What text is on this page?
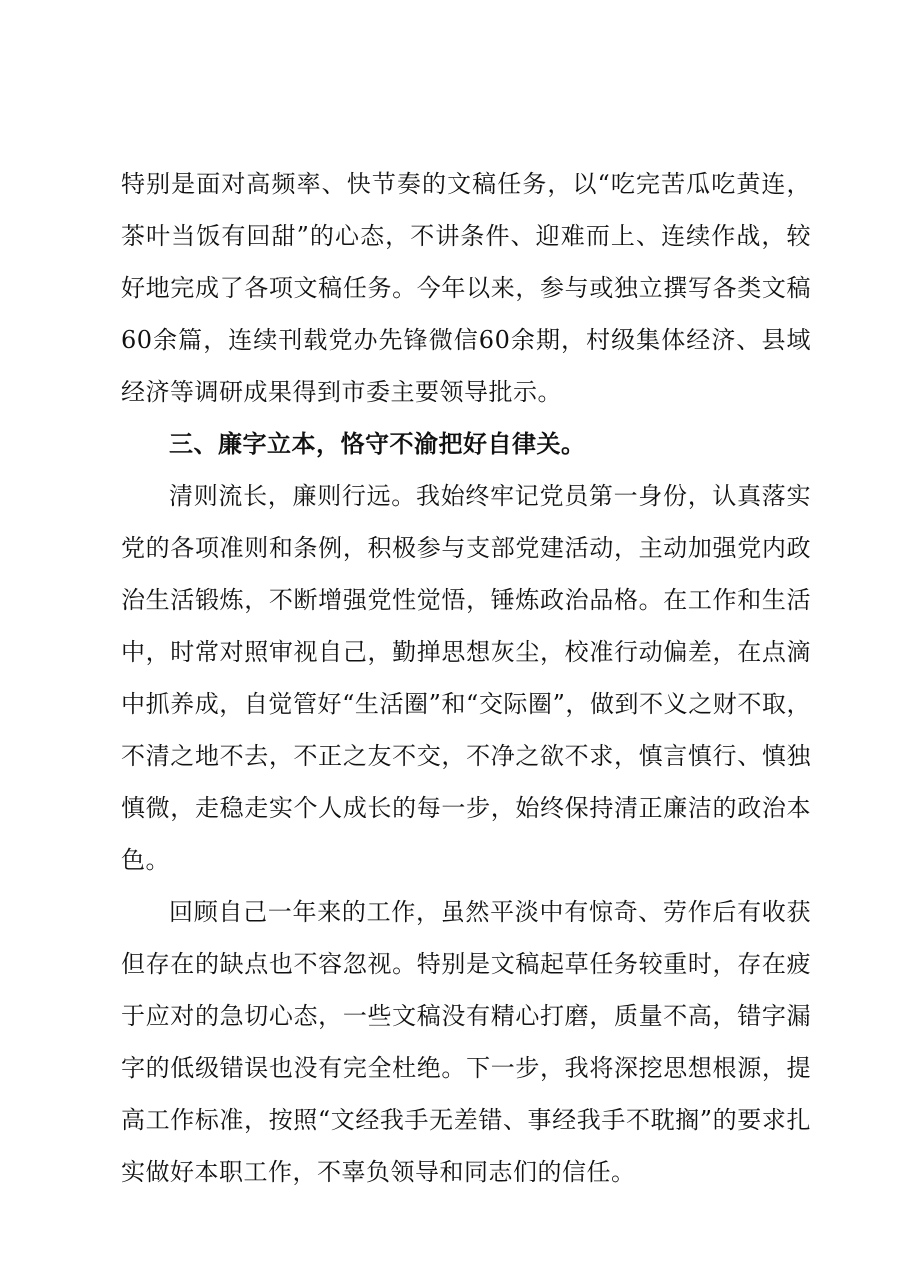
特别是面对高频率、快节奏的文稿任务，以“吃完苦瓜吃黄连，茶叶当饭有回甜”的心态，不讲条件、迎难而上、连续作战，较好地完成了各项文稿任务。今年以来，参与或独立撰写各类文稿60余篇，连续刊载党办先锋微信60余期，村级集体经济、县域经济等调研成果得到市委主要领导批示。

三、廉字立本，恪守不渝把好自律关。

清则流长，廉则行远。我始终牢记党员第一身份，认真落实党的各项准则和条例，积极参与支部党建活动，主动加强党内政治生活锻炼，不断增强党性觉悟，锤炼政治品格。在工作和生活中，时常对照审视自己，勤掸思想灰尘，校准行动偏差，在点滴中抓养成，自觉管好“生活圈”和“交际圈”，做到不义之财不取，不清之地不去，不正之友不交，不净之欲不求，慎言慎行、慎独慎微，走稳走实个人成长的每一步，始终保持清正廉洁的政治本色。

回顾自己一年来的工作，虽然平淡中有惊奇、劳作后有收获但存在的缺点也不容忽视。特别是文稿起草任务较重时，存在疲于应对的急切心态，一些文稿没有精心打磨，质量不高，错字漏字的低级错误也没有完全杜绝。下一步，我将深挖思想根源，提高工作标准，按照“文经我手无差错、事经我手不耽搁”的要求扎实做好本职工作，不辜负领导和同志们的信任。
